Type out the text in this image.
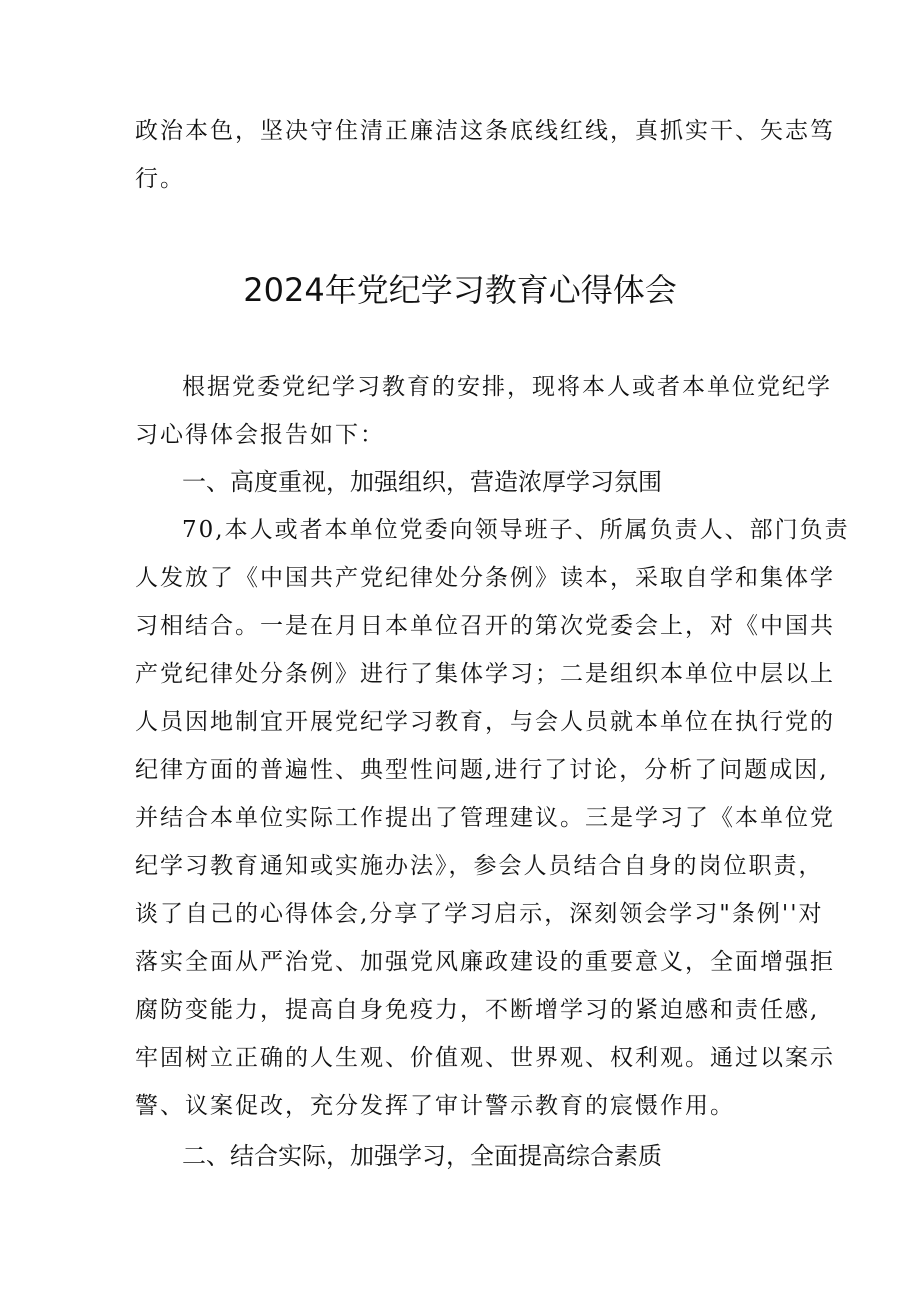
政治本色，坚决守住清正廉洁这条底线红线，真抓实干、矢志笃
行。
2024年党纪学习教育心得体会
根据党委党纪学习教育的安排，现将本人或者本单位党纪学
习心得体会报告如下：
一、高度重视，加强组织，营造浓厚学习氛围
70,本人或者本单位党委向领导班子、所属负责人、部门负责
人发放了《中国共产党纪律处分条例》读本，采取自学和集体学
习相结合。一是在月日本单位召开的第次党委会上，对《中国共
产党纪律处分条例》进行了集体学习；二是组织本单位中层以上
人员因地制宜开展党纪学习教育，与会人员就本单位在执行党的
纪律方面的普遍性、典型性问题,进行了讨论，分析了问题成因,
并结合本单位实际工作提出了管理建议。三是学习了《本单位党
纪学习教育通知或实施办法》，参会人员结合自身的岗位职责，
谈了自己的心得体会,分享了学习启示，深刻领会学习"条例''对
落实全面从严治党、加强党风廉政建设的重要意义，全面增强拒
腐防变能力，提高自身免疫力，不断增学习的紧迫感和责任感,
牢固树立正确的人生观、价值观、世界观、权利观。通过以案示
警、议案促改，充分发挥了审计警示教育的宸慑作用。
二、结合实际，加强学习，全面提高综合素质
